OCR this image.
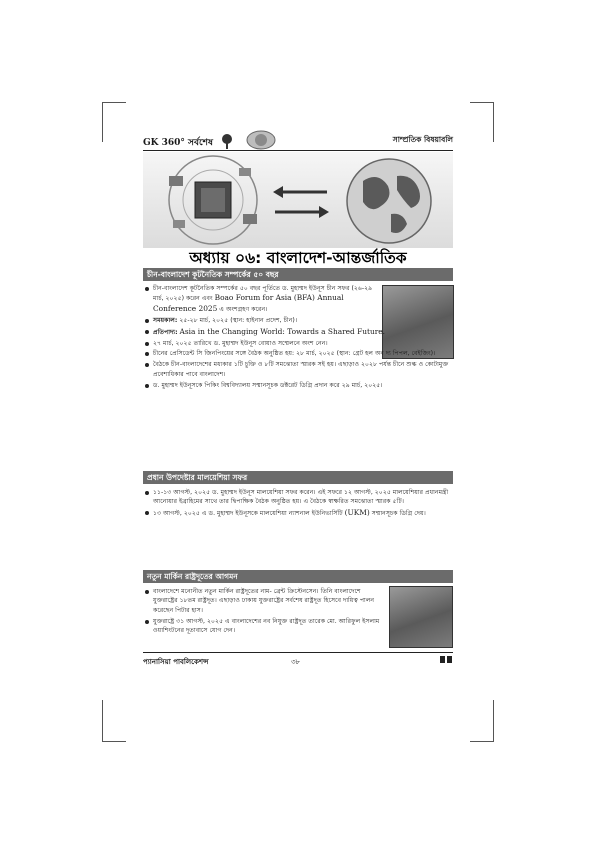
GK 360° সর্বশেষ	সাম্প্রতিক বিষয়াবলি
অধ্যায় ০৬: বাংলাদেশ-আন্তর্জাতিক
চীন-বাংলাদেশ কূটনৈতিক সম্পর্কের ৫০ বছর
চীন-বাংলাদেশ কূটনৈতিক সম্পর্কের ৫০ বছর পূর্তিতে ড. মুহাম্মদ ইউনূস চীন সফর (২৬-২৯ মার্চ, ২০২৫) করেন এবং Boao Forum for Asia (BFA) Annual Conference 2025 এ অংশগ্রহণ করেন।
সময়কাল: ২৫-২৮ মার্চ, ২০২৫ (স্থান: হাইনান প্রদেশ, চীন)।
প্রতিপাদ্য: Asia in the Changing World: Towards a Shared Future.
২৭ মার্চ, ২০২৫ তারিখে ড. মুহাম্মদ ইউনূস বোয়াও সম্মেলনে অংশ নেন।
চীনের প্রেসিডেন্ট সি জিনপিংয়ের সঙ্গে বৈঠক অনুষ্ঠিত হয়: ২৮ মার্চ, ২০২৫ (স্থান: গ্রেট হল অব দ্য পিপল, বেইজিং)।
বৈঠকে চীন-বাংলাদেশের মধ্যকার ১টি চুক্তি ও ৮টি সমঝোতা স্মারক সই হয়। এছাড়াও ২০২৮ পর্যন্ত চীনে শুল্ক ও কোটামুক্ত প্রবেশাধিকার পাবে বাংলাদেশ।
ড. মুহাম্মদ ইউনূসকে পিকিং বিশ্ববিদ্যালয় সম্মানসূচক ডক্টরেট ডিগ্রি প্রদান করে ২৯ মার্চ, ২০২৫।
প্রধান উপদেষ্টার মালয়েশিয়া সফর
১১-১৩ আগস্ট, ২০২৫ ড. মুহাম্মদ ইউনূস মালয়েশিয়া সফর করেন। এই সফরে ১২ আগস্ট, ২০২৫ মালয়েশিয়ার প্রধানমন্ত্রী আনোয়ার ইব্রাহিমের সাথে তার দ্বিপাক্ষিক বৈঠক অনুষ্ঠিত হয়। এ বৈঠকে স্বাক্ষরিত সমঝোতা স্মারক ৫টি।
১৩ আগস্ট, ২০২৫ এ ড. মুহাম্মদ ইউনূসকে মালয়েশিয়া ন্যাশনাল ইউনিভার্সিটি (UKM) সম্মানসূচক ডিগ্রি দেয়।
নতুন মার্কিন রাষ্ট্রদূতের আগমন
বাংলাদেশে মনোনীত নতুন মার্কিন রাষ্ট্রদূতের নাম- ব্রেন্ট ক্রিস্টেনসেন। তিনি বাংলাদেশে যুক্তরাষ্ট্রের ১৮তম রাষ্ট্রদূত। এছাড়াও ঢাকায় যুক্তরাষ্ট্রের সর্বশেষ রাষ্ট্রদূত হিসেবে দায়িত্ব পালন করেছেন পিটার হাস।
যুক্তরাষ্ট্রে ৩১ আগস্ট, ২০২৫ এ বাংলাদেশের নব নিযুক্ত রাষ্ট্রদূত তারেক মো. আরিফুল ইসলাম ওয়াশিংটনের দূতাবাসে যোগ দেন।
প্যানাসিয়া পাবলিকেশন্স	৩৮
